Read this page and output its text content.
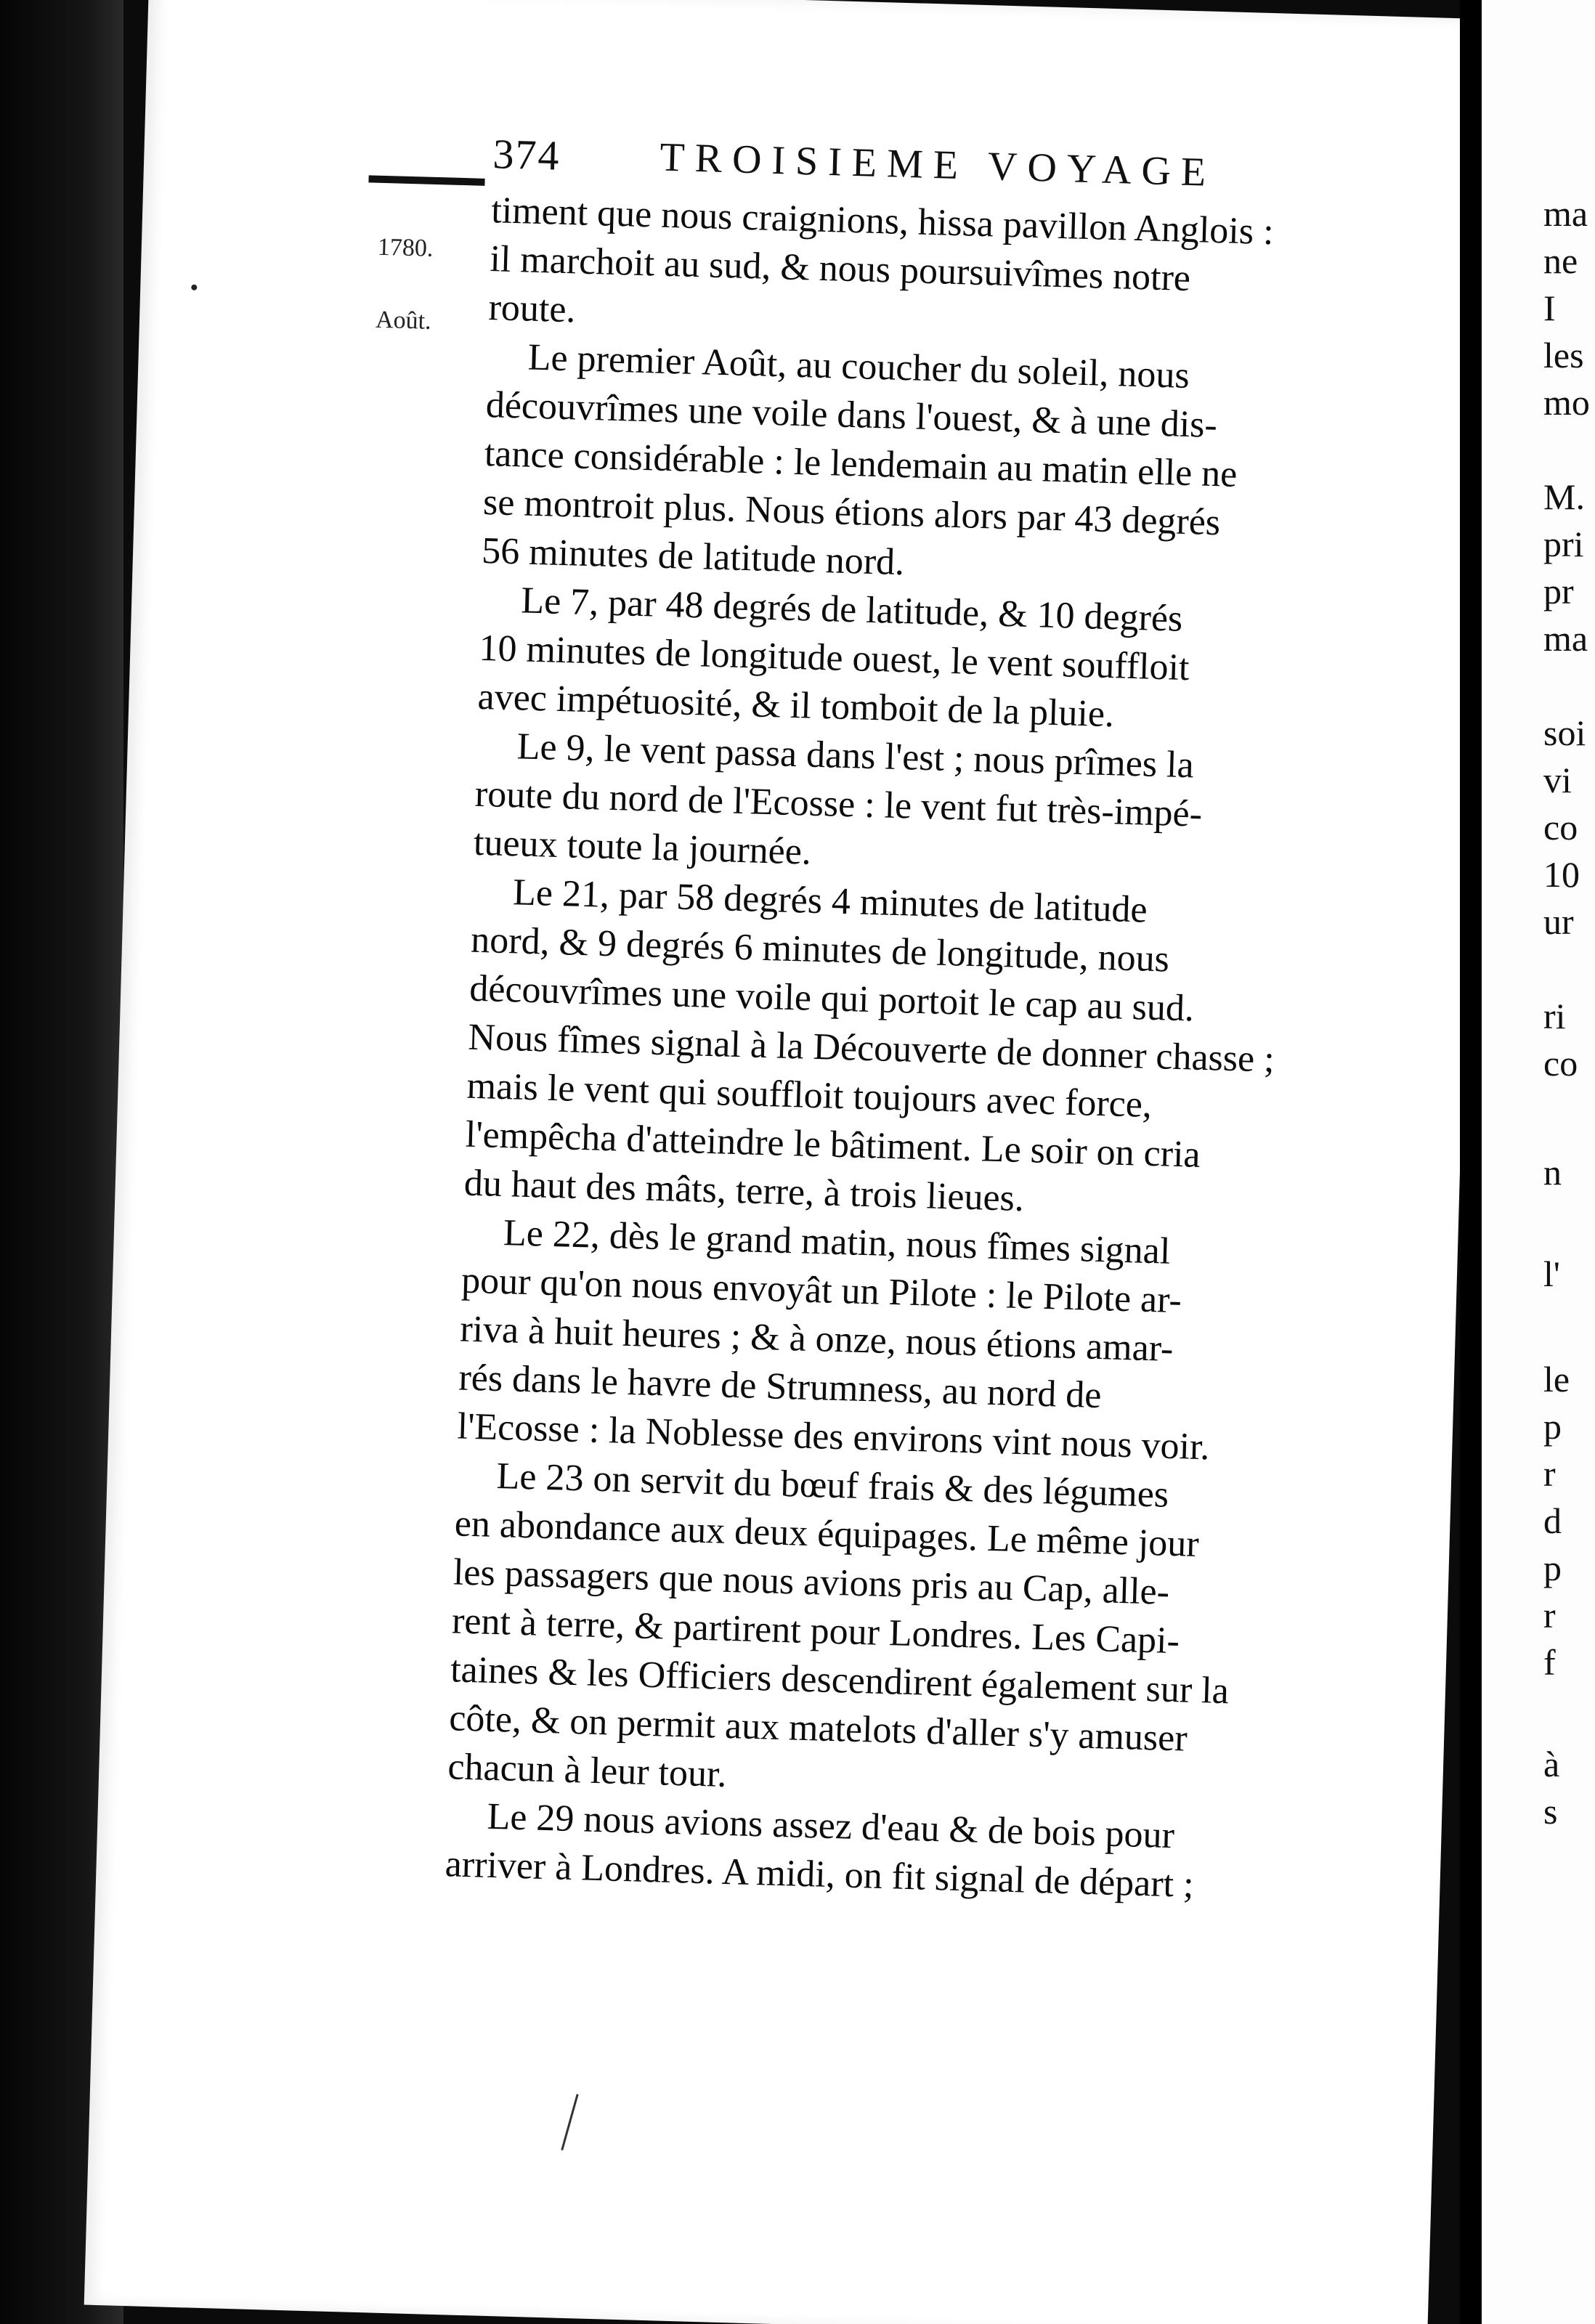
374 TROISIEME VOYAGE
1780.
Août.
timent que nous craignions, hissa pavillon Anglois :
il marchoit au sud, & nous poursuivîmes notre
route.
Le premier Août, au coucher du soleil, nous
découvrîmes une voile dans l'ouest, & à une dis-
tance considérable : le lendemain au matin elle ne
se montroit plus. Nous étions alors par 43 degrés
56 minutes de latitude nord.
Le 7, par 48 degrés de latitude, & 10 degrés
10 minutes de longitude ouest, le vent souffloit
avec impétuosité, & il tomboit de la pluie.
Le 9, le vent passa dans l'est ; nous prîmes la
route du nord de l'Ecosse : le vent fut très-impé-
tueux toute la journée.
Le 21, par 58 degrés 4 minutes de latitude
nord, & 9 degrés 6 minutes de longitude, nous
découvrîmes une voile qui portoit le cap au sud.
Nous fîmes signal à la Découverte de donner chasse ;
mais le vent qui souffloit toujours avec force,
l'empêcha d'atteindre le bâtiment. Le soir on cria
du haut des mâts, terre, à trois lieues.
Le 22, dès le grand matin, nous fîmes signal
pour qu'on nous envoyât un Pilote : le Pilote ar-
riva à huit heures ; & à onze, nous étions amar-
rés dans le havre de Strumness, au nord de
l'Ecosse : la Noblesse des environs vint nous voir.
Le 23 on servit du bœuf frais & des légumes
en abondance aux deux équipages. Le même jour
les passagers que nous avions pris au Cap, alle-
rent à terre, & partirent pour Londres. Les Capi-
taines & les Officiers descendirent également sur la
côte, & on permit aux matelots d'aller s'y amuser
chacun à leur tour.
Le 29 nous avions assez d'eau & de bois pour
arriver à Londres. A midi, on fit signal de départ ;
ma
ne
I
les
mo
M.
pri
pr
ma
soi
vi
co
10
ur
ri
co
n
l'
le
p
r
d
p
r
f
à
s
